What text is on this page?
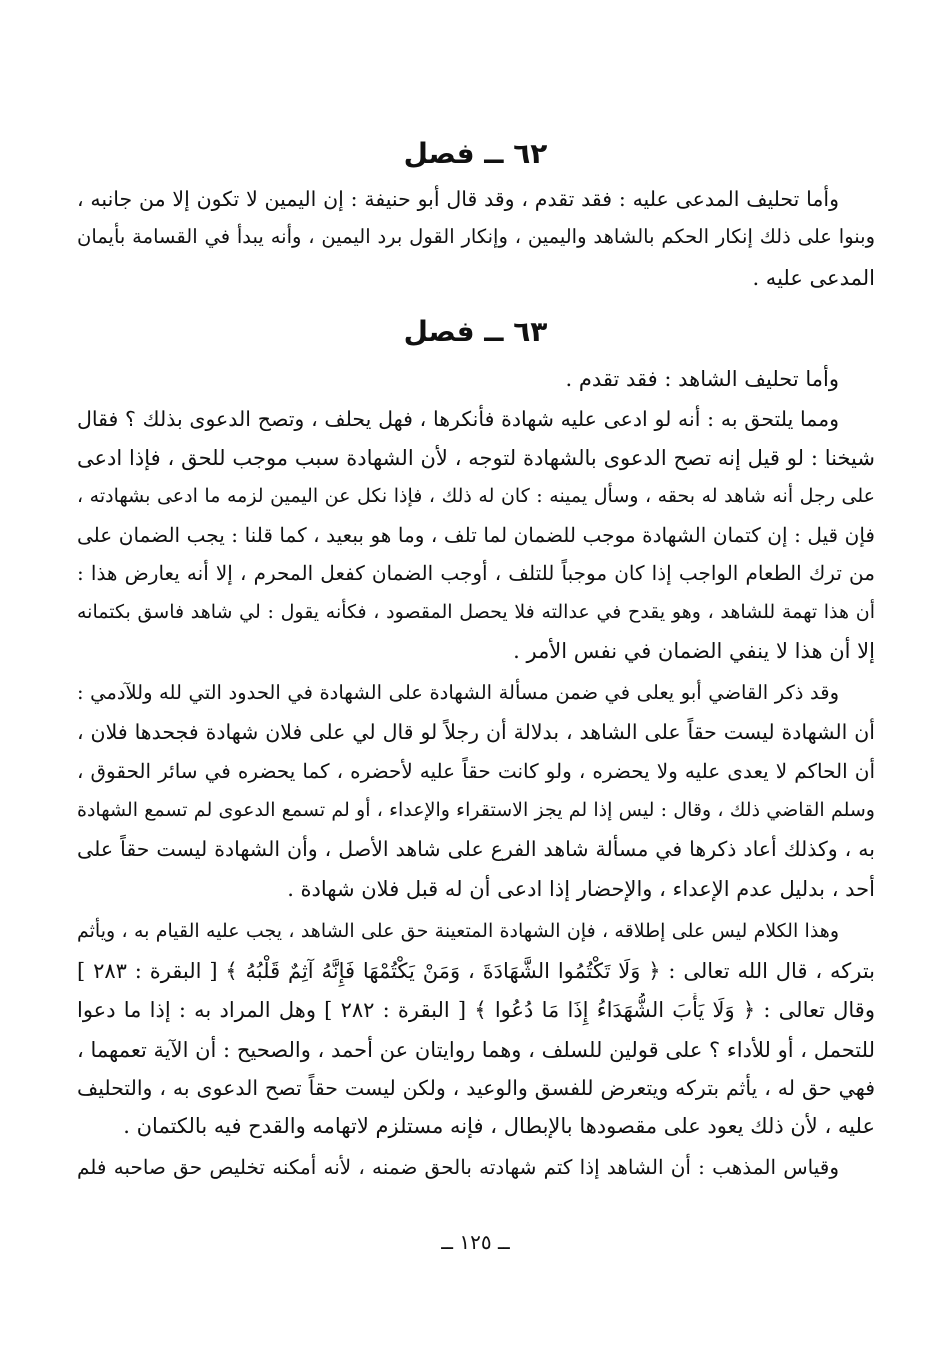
٦٢ ــ فصل
وأما تحليف المدعى عليه : فقد تقدم ، وقد قال أبو حنيفة : إن اليمين لا تكون إلا من جانبه ،
وبنوا على ذلك إنكار الحكم بالشاهد واليمين ، وإنكار القول برد اليمين ، وأنه يبدأ في القسامة بأيمان
المدعى عليه .
٦٣ ــ فصل
وأما تحليف الشاهد : فقد تقدم .
ومما يلتحق به : أنه لو ادعى عليه شهادة فأنكرها ، فهل يحلف ، وتصح الدعوى بذلك ؟ فقال
شيخنا : لو قيل إنه تصح الدعوى بالشهادة لتوجه ، لأن الشهادة سبب موجب للحق ، فإذا ادعى
على رجل أنه شاهد له بحقه ، وسأل يمينه : كان له ذلك ، فإذا نكل عن اليمين لزمه ما ادعى بشهادته ،
فإن قيل : إن كتمان الشهادة موجب للضمان لما تلف ، وما هو ببعيد ، كما قلنا : يجب الضمان على
من ترك الطعام الواجب إذا كان موجباً للتلف ، أوجب الضمان كفعل المحرم ، إلا أنه يعارض هذا :
أن هذا تهمة للشاهد ، وهو يقدح في عدالته فلا يحصل المقصود ، فكأنه يقول : لي شاهد فاسق بكتمانه
إلا أن هذا لا ينفي الضمان في نفس الأمر .
وقد ذكر القاضي أبو يعلى في ضمن مسألة الشهادة على الشهادة في الحدود التي لله وللآدمي :
أن الشهادة ليست حقاً على الشاهد ، بدلالة أن رجلاً لو قال لي على فلان شهادة فجحدها فلان ،
أن الحاكم لا يعدى عليه ولا يحضره ، ولو كانت حقاً عليه لأحضره ، كما يحضره في سائر الحقوق ،
وسلم القاضي ذلك ، وقال : ليس إذا لم يجز الاستقراء والإعداء ، أو لم تسمع الدعوى لم تسمع الشهادة
به ، وكذلك أعاد ذكرها في مسألة شاهد الفرع على شاهد الأصل ، وأن الشهادة ليست حقاً على
أحد ، بدليل عدم الإعداء ، والإحضار إذا ادعى أن له قبل فلان شهادة .
وهذا الكلام ليس على إطلاقه ، فإن الشهادة المتعينة حق على الشاهد ، يجب عليه القيام به ، ويأثم
بتركه ، قال الله تعالى : ﴿ وَلَا تَكْتُمُوا الشَّهَادَةَ ، وَمَنْ يَكْتُمْهَا فَإِنَّهُ آثِمٌ قَلْبُهُ ﴾ [ البقرة : ٢٨٣ ]
وقال تعالى : ﴿ وَلَا يَأْبَ الشُّهَدَاءُ إِذَا مَا دُعُوا ﴾ [ البقرة : ٢٨٢ ] وهل المراد به : إذا ما دعوا
للتحمل ، أو للأداء ؟ على قولين للسلف ، وهما روايتان عن أحمد ، والصحيح : أن الآية تعمهما ،
فهي حق له ، يأثم بتركه ويتعرض للفسق والوعيد ، ولكن ليست حقاً تصح الدعوى به ، والتحليف
عليه ، لأن ذلك يعود على مقصودها بالإبطال ، فإنه مستلزم لاتهامه والقدح فيه بالكتمان .
وقياس المذهب : أن الشاهد إذا كتم شهادته بالحق ضمنه ، لأنه أمكنه تخليص حق صاحبه فلم
ــ ١٢٥ ــ
